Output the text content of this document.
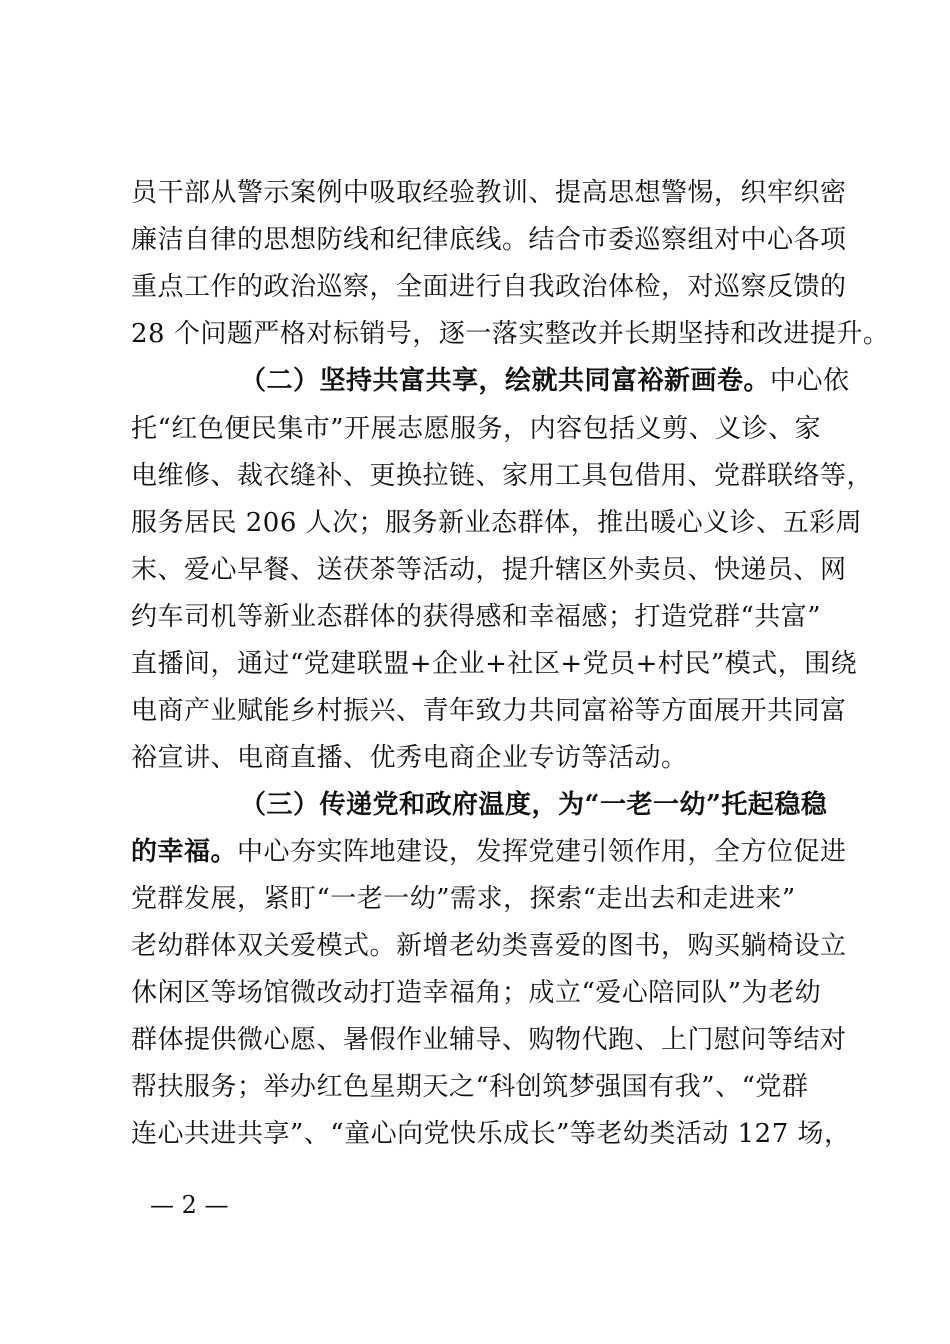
员干部从警示案例中吸取经验教训、提高思想警惕，织牢织密
廉洁自律的思想防线和纪律底线。结合市委巡察组对中心各项
重点工作的政治巡察，全面进行自我政治体检，对巡察反馈的
28 个问题严格对标销号，逐一落实整改并长期坚持和改进提升。
（二）坚持共富共享，绘就共同富裕新画卷。中心依
托“红色便民集市”开展志愿服务，内容包括义剪、义诊、家
电维修、裁衣缝补、更换拉链、家用工具包借用、党群联络等，
服务居民 206 人次；服务新业态群体，推出暖心义诊、五彩周
末、爱心早餐、送茯茶等活动，提升辖区外卖员、快递员、网
约车司机等新业态群体的获得感和幸福感；打造党群“共富”
直播间，通过“党建联盟+企业+社区+党员+村民”模式，围绕
电商产业赋能乡村振兴、青年致力共同富裕等方面展开共同富
裕宣讲、电商直播、优秀电商企业专访等活动。
（三）传递党和政府温度，为“一老一幼”托起稳稳
的幸福。中心夯实阵地建设，发挥党建引领作用，全方位促进
党群发展，紧盯“一老一幼”需求，探索“走出去和走进来”
老幼群体双关爱模式。新增老幼类喜爱的图书，购买躺椅设立
休闲区等场馆微改动打造幸福角；成立“爱心陪同队”为老幼
群体提供微心愿、暑假作业辅导、购物代跑、上门慰问等结对
帮扶服务；举办红色星期天之“科创筑梦强国有我”、“党群
连心共进共享”、“童心向党快乐成长”等老幼类活动 127 场，
— 2 —
